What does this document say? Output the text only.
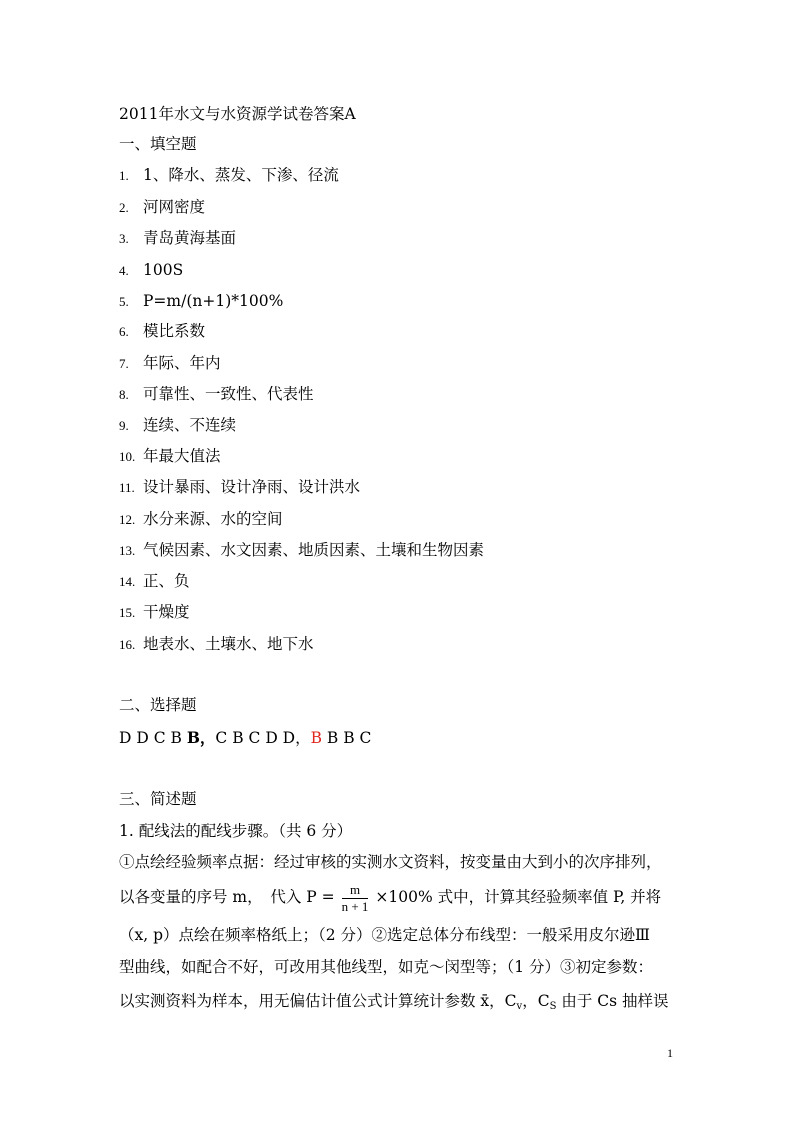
2011年水文与水资源学试卷答案A
一、填空题
1. 1、降水、蒸发、下渗、径流
2. 河网密度
3. 青岛黄海基面
4. 100S
5. P=m/(n+1)*100%
6. 模比系数
7. 年际、年内
8. 可靠性、一致性、代表性
9. 连续、不连续
10. 年最大值法
11. 设计暴雨、设计净雨、设计洪水
12. 水分来源、水的空间
13. 气候因素、水文因素、地质因素、土壤和生物因素
14. 正、负
15. 干燥度
16. 地表水、土壤水、地下水
二、选择题
D D C B B，C B C D D，B B B C
三、简述题
1. 配线法的配线步骤。（共 6 分）
①点绘经验频率点据：经过审核的实测水文资料，按变量由大到小的次序排列，
以各变量的序号 m，　代入 $P = \frac{m}{n + 1} \times 100\%$ 式中，计算其经验频率值 P, 并将
（x, p）点绘在频率格纸上；（2 分）②选定总体分布线型：一般采用皮尔逊Ⅲ
型曲线，如配合不好，可改用其他线型，如克～闵型等；（1 分）③初定参数：
以实测资料为样本，用无偏估计值公式计算统计参数 x̄，$C_v$，$C_S$ 由于 Cs 抽样误
1
